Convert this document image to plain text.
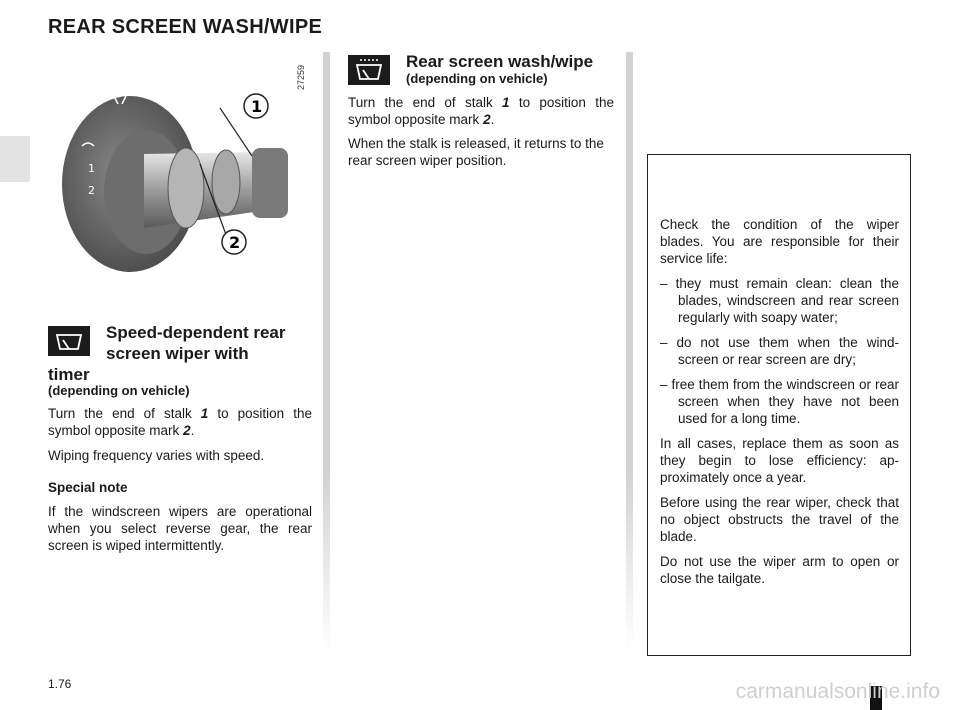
REAR SCREEN WASH/WIPE
1
2
1
2
27259
Speed-dependent rear
screen wiper with
timer

(depending on vehicle)

Turn the end of stalk 1 to position the symbol opposite mark 2.

Wiping frequency varies with speed.

Special note

If the windscreen wipers are operational when you select reverse gear, the rear screen is wiped intermittently.

Rear screen wash/wipe

(depending on vehicle)

Turn the end of stalk 1 to position the symbol opposite mark 2.

When the stalk is released, it returns to the rear screen wiper position.

Check the condition of the wiper blades. You are responsible for their service life:

– they must remain clean: clean the blades, windscreen and rear screen regularly with soapy water;

– do not use them when the wind-screen or rear screen are dry;

– free them from the windscreen or rear screen when they have not been used for a long time.

In all cases, replace them as soon as they begin to lose efficiency: ap-proximately once a year.

Before using the rear wiper, check that no object obstructs the travel of the blade.

Do not use the wiper arm to open or close the tailgate.

1.76	carmanualsonline.info
